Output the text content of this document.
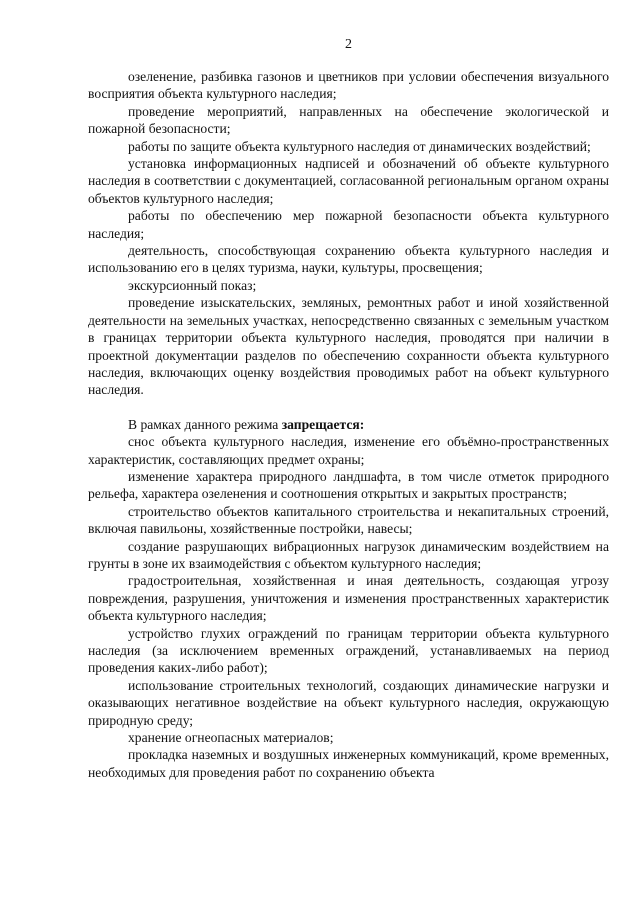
2

озеленение, разбивка газонов и цветников при условии обеспечения визуального восприятия объекта культурного наследия;

проведение мероприятий, направленных на обеспечение экологической и пожарной безопасности;

работы по защите объекта культурного наследия от динамических воздействий;

установка информационных надписей и обозначений об объекте культурного наследия в соответствии с документацией, согласованной региональным органом охраны объектов культурного наследия;

работы по обеспечению мер пожарной безопасности объекта культурного наследия;

деятельность, способствующая сохранению объекта культурного наследия и использованию его в целях туризма, науки, культуры, просвещения;

экскурсионный показ;

проведение изыскательских, земляных, ремонтных работ и иной хозяйственной деятельности на земельных участках, непосредственно связанных с земельным участком в границах территории объекта культурного наследия, проводятся при наличии в проектной документации разделов по обеспечению сохранности объекта культурного наследия, включающих оценку воздействия проводимых работ на объект культурного наследия.

В рамках данного режима запрещается:

снос объекта культурного наследия, изменение его объёмно-пространственных характеристик, составляющих предмет охраны;

изменение характера природного ландшафта, в том числе отметок природного рельефа, характера озеленения и соотношения открытых и закрытых пространств;

строительство объектов капитального строительства и некапитальных строений, включая павильоны, хозяйственные постройки, навесы;

создание разрушающих вибрационных нагрузок динамическим воздействием на грунты в зоне их взаимодействия с объектом культурного наследия;

градостроительная, хозяйственная и иная деятельность, создающая угрозу повреждения, разрушения, уничтожения и изменения пространственных характеристик объекта культурного наследия;

устройство глухих ограждений по границам территории объекта культурного наследия (за исключением временных ограждений, устанавливаемых на период проведения каких-либо работ);

использование строительных технологий, создающих динамические нагрузки и оказывающих негативное воздействие на объект культурного наследия, окружающую природную среду;

хранение огнеопасных материалов;

прокладка наземных и воздушных инженерных коммуникаций, кроме временных, необходимых для проведения работ по сохранению объекта
